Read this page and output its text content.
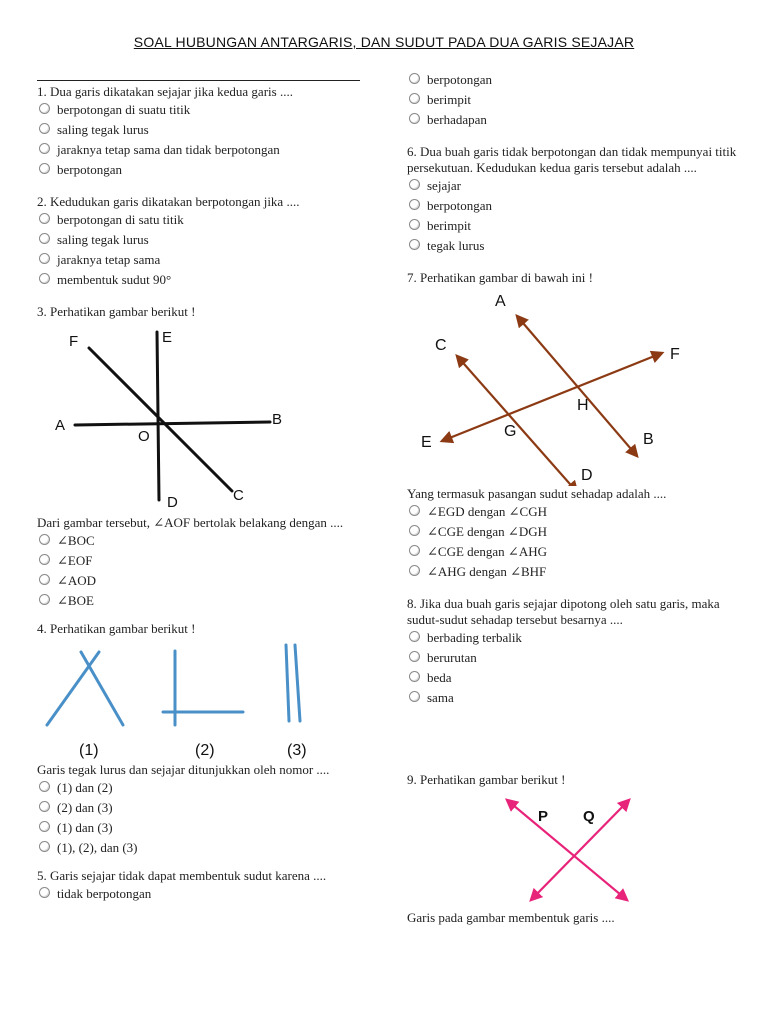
SOAL HUBUNGAN ANTARGARIS, DAN SUDUT PADA DUA GARIS SEJAJAR

1. Dua garis dikatakan sejajar jika kedua garis ....

berpotongan di suatu titik
saling tegak lurus
jaraknya tetap sama dan tidak berpotongan
berpotongan

2. Kedudukan garis dikatakan berpotongan jika ....

berpotongan di satu titik
saling tegak lurus
jaraknya tetap sama
membentuk sudut 90°

3. Perhatikan gambar berikut !

F	E
A	B
O
D	C

Dari gambar tersebut, ∠AOF bertolak belakang dengan ....

∠BOC
∠EOF
∠AOD
∠BOE

4. Perhatikan gambar berikut !

(1)	(2)	(3)

Garis tegak lurus dan sejajar ditunjukkan oleh nomor ....

(1) dan (2)
(2) dan (3)
(1) dan (3)
(1), (2), dan (3)

5. Garis sejajar tidak dapat membentuk sudut karena ....

tidak berpotongan
berpotongan
berimpit
berhadapan

6. Dua buah garis tidak berpotongan dan tidak mempunyai titik persekutuan. Kedudukan kedua garis tersebut adalah ....

sejajar
berpotongan
berimpit
tegak lurus

7. Perhatikan gambar di bawah ini !

A
C
F
H
E
G	B
D

Yang termasuk pasangan sudut sehadap adalah ....

∠EGD dengan ∠CGH
∠CGE dengan ∠DGH
∠CGE dengan ∠AHG
∠AHG dengan ∠BHF

8. Jika dua buah garis sejajar dipotong oleh satu garis, maka sudut-sudut sehadap tersebut besarnya ....

berbading terbalik
berurutan
beda
sama

9. Perhatikan gambar berikut !

P Q

Garis pada gambar membentuk garis ....
